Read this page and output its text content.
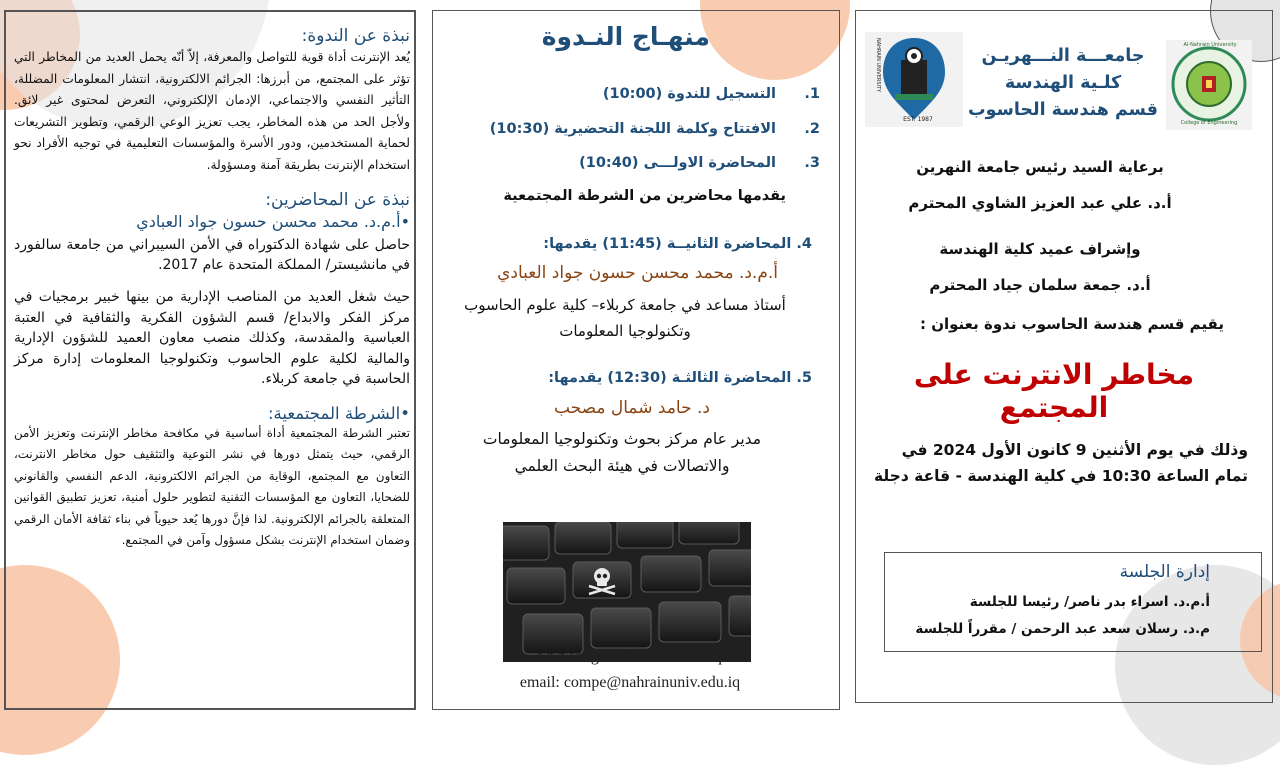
نبذة عن الندوة:

يُعد الإنترنت أداة قوية للتواصل والمعرفة، إلاّ أنّه يحمل العديد من المخاطر التي تؤثر على المجتمع، من أبرزها: الجرائم الالكترونية، انتشار المعلومات المضللة، التأثير النفسي والاجتماعي، الإدمان الإلكتروني، التعرض لمحتوى غير لائق. ولأجل الحد من هذه المخاطر، يجب تعزيز الوعي الرقمي، وتطوير التشريعات لحماية المستخدمين، ودور الأسرة والمؤسسات التعليمية في توجيه الأفراد نحو استخدام الإنترنت بطريقة آمنة ومسؤولة.

نبذة عن المحاضرين:
•أ.م.د. محمد محسن حسون جواد العبادي

حاصل على شهادة الدكتوراه في الأمن السيبراني من جامعة سالفورد في مانشيستر/ المملكة المتحدة عام 2017.

حيث شغل العديد من المناصب الإدارية من بينها خبير برمجيات في مركز الفكر والابداع/ قسم الشؤون الفكرية والثقافية في العتبة العباسية والمقدسة، وكذلك منصب معاون العميد للشؤون الإدارية والمالية لكلية علوم الحاسوب وتكنولوجيا المعلومات إدارة مركز الحاسبة في جامعة كربلاء.

•الشرطة المجتمعية:

تعتبر الشرطة المجتمعية أداة أساسية في مكافحة مخاطر الإنترنت وتعزيز الأمن الرقمي، حيث يتمثل دورها في نشر التوعية والتثقيف حول مخاطر الانترنت، التعاون مع المجتمع، الوقاية من الجرائم الالكترونية، الدعم النفسي والقانوني للضحايا، التعاون مع المؤسسات التقنية لتطوير حلول أمنية، تعزيز تطبيق القوانين المتعلقة بالجرائم الإلكترونية. لذا فإنَّ دورها يُعد حيوياً في بناء ثقافة الأمان الرقمي وضمان استخدام الإنترنت بشكل مسؤول وآمن في المجتمع.

منهـاج النـدوة
1.التسجيل للندوة (10:00)
2.الافتتاح وكلمة اللجنة التحضيرية (10:30)
3.المحاضرة الاولـــى (10:40)
يقدمها محاضرين من الشرطة المجتمعية
4. المحاضرة الثانيــة (11:45) يقدمها:
أ.م.د. محمد محسن حسون جواد العبادي
أستاذ مساعد في جامعة كربلاء– كلية علوم الحاسوب وتكنولوجيا المعلومات
5. المحاضرة الثالثـة (12:30) يقدمها:
د. حامد شمال مصحب
مدير عام مركز بحوث وتكنولوجيا المعلومات والاتصالات في هيئة البحث العلمي
www.eng.nahrainuniv.edu.iq
email: compe@nahrainuniv.edu.iq
NAHRAIN UNIVERSITY
EST. 1987
جامعـــة النـــهريـن
كلـية الهندسة
قسم هندسة الحاسوب
Al-Nahrain University
College of Engineering
برعاية السيد رئيس جامعة النهرين
أ.د. علي عبد العزيز الشاوي المحترم
وإشراف عميد كلية الهندسة
أ.د. جمعة سلمان جياد المحترم
يقيم قسم هندسة الحاسوب ندوة بعنوان :
مخاطر الانترنت على المجتمع
وذلك في يوم الأثنين 9 كانون الأول 2024 في تمام الساعة 10:30 في كلية الهندسة - قاعة دجلة
إدارة الجلسة
أ.م.د. اسراء بدر ناصر/ رئيسا للجلسة
م.د. رسلان سعد عبد الرحمن / مقرراً للجلسة
